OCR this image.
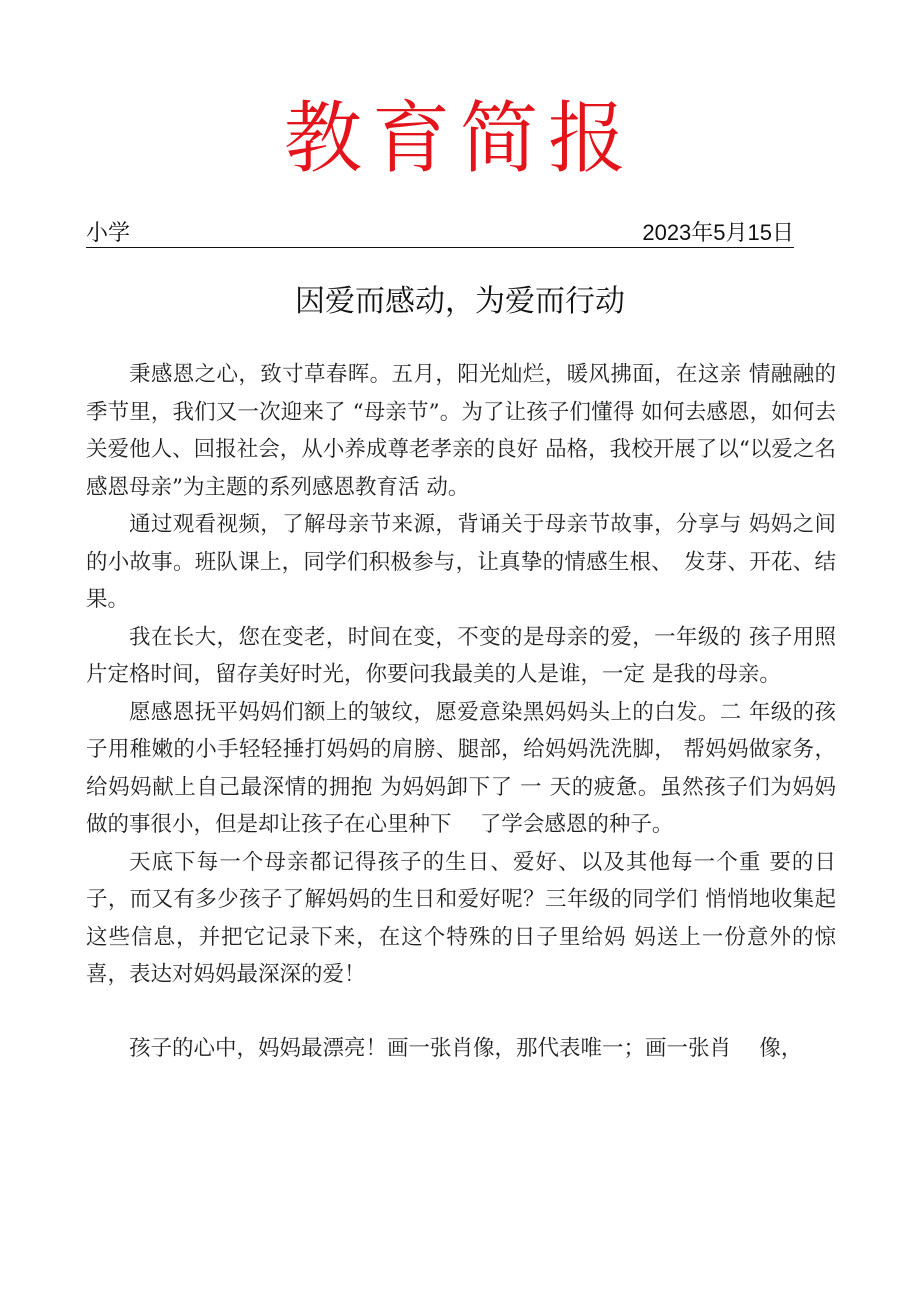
教育简报
小学	2023年5月15日
因爱而感动，为爱而行动

秉感恩之心，致寸草春晖。五月，阳光灿烂，暖风拂面，在这亲 情融融的季节里，我们又一次迎来了 “母亲节”。为了让孩子们懂得 如何去感恩，如何去关爱他人、回报社会，从小养成尊老孝亲的良好 品格，我校开展了以“以爱之名感恩母亲”为主题的系列感恩教育活 动。

通过观看视频，了解母亲节来源，背诵关于母亲节故事，分享与 妈妈之间的小故事。班队课上，同学们积极参与，让真挚的情感生根、　发芽、开花、结果。

我在长大，您在变老，时间在变，不变的是母亲的爱，一年级的 孩子用照片定格时间，留存美好时光，你要问我最美的人是谁，一定 是我的母亲。

愿感恩抚平妈妈们额上的皱纹，愿爱意染黑妈妈头上的白发。二 年级的孩子用稚嫩的小手轻轻捶打妈妈的肩膀、腿部，给妈妈洗洗脚， 帮妈妈做家务，给妈妈献上自己最深情的拥抱 为妈妈卸下了 一 天的疲惫。虽然孩子们为妈妈做的事很小，但是却让孩子在心里种下　 了学会感恩的种子。

天底下每一个母亲都记得孩子的生日、爱好、以及其他每一个重 要的日子，而又有多少孩子了解妈妈的生日和爱好呢？三年级的同学们 悄悄地收集起这些信息，并把它记录下来，在这个特殊的日子里给妈 妈送上一份意外的惊喜，表达对妈妈最深深的爱！

孩子的心中，妈妈最漂亮！画一张肖像，那代表唯一；画一张肖　 像，
